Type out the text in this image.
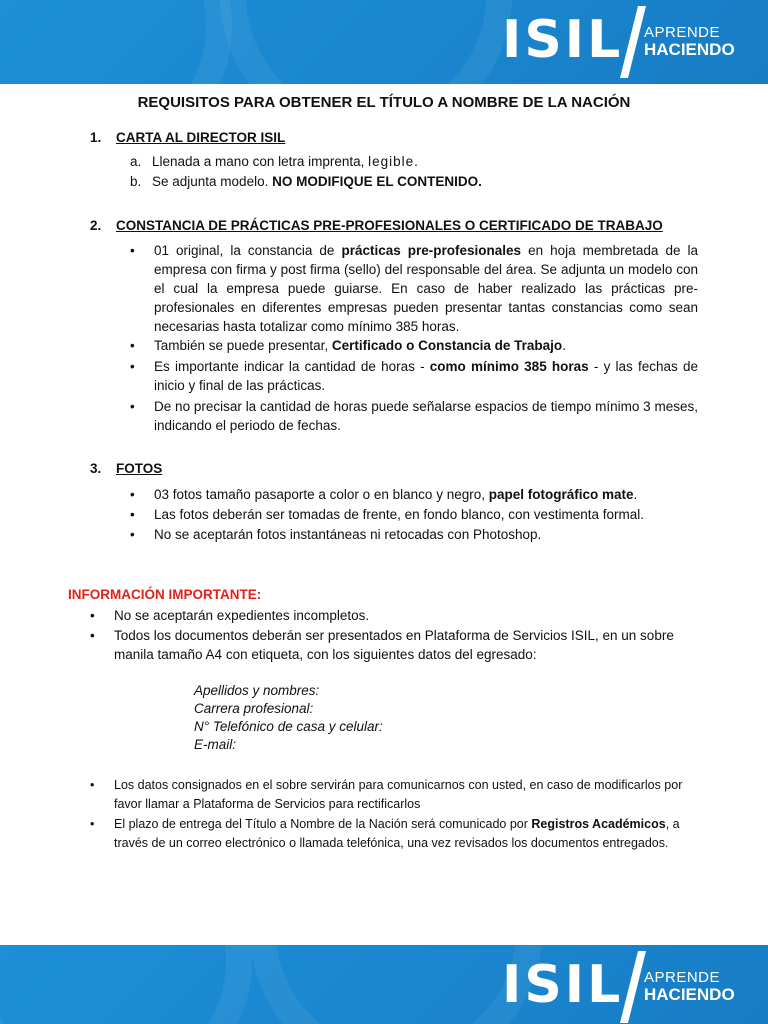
ISIL APRENDE
HACIENDO
REQUISITOS PARA OBTENER EL TÍTULO A NOMBRE DE LA NACIÓN
1. CARTA AL DIRECTOR ISIL
a. Llenada a mano con letra imprenta, legible.
b. Se adjunta modelo. NO MODIFIQUE EL CONTENIDO.
2. CONSTANCIA DE PRÁCTICAS PRE-PROFESIONALES O CERTIFICADO DE TRABAJO
• 01 original, la constancia de prácticas pre-profesionales en hoja membretada de la empresa con firma y post firma (sello) del responsable del área. Se adjunta un modelo con el cual la empresa puede guiarse. En caso de haber realizado las prácticas pre-profesionales en diferentes empresas pueden presentar tantas constancias como sean necesarias hasta totalizar como mínimo 385 horas.
• También se puede presentar, Certificado o Constancia de Trabajo.
• Es importante indicar la cantidad de horas - como mínimo 385 horas - y las fechas de inicio y final de las prácticas.
• De no precisar la cantidad de horas puede señalarse espacios de tiempo mínimo 3 meses, indicando el periodo de fechas.
3. FOTOS
• 03 fotos tamaño pasaporte a color o en blanco y negro, papel fotográfico mate.
• Las fotos deberán ser tomadas de frente, en fondo blanco, con vestimenta formal.
• No se aceptarán fotos instantáneas ni retocadas con Photoshop.
INFORMACIÓN IMPORTANTE:
• No se aceptarán expedientes incompletos.
• Todos los documentos deberán ser presentados en Plataforma de Servicios ISIL, en un sobre manila tamaño A4 con etiqueta, con los siguientes datos del egresado:
Apellidos y nombres:
Carrera profesional:
N° Telefónico de casa y celular:
E-mail:
• Los datos consignados en el sobre servirán para comunicarnos con usted, en caso de modificarlos por favor llamar a Plataforma de Servicios para rectificarlos
• El plazo de entrega del Título a Nombre de la Nación será comunicado por Registros Académicos, a través de un correo electrónico o llamada telefónica, una vez revisados los documentos entregados.
ISIL APRENDE
HACIENDO
